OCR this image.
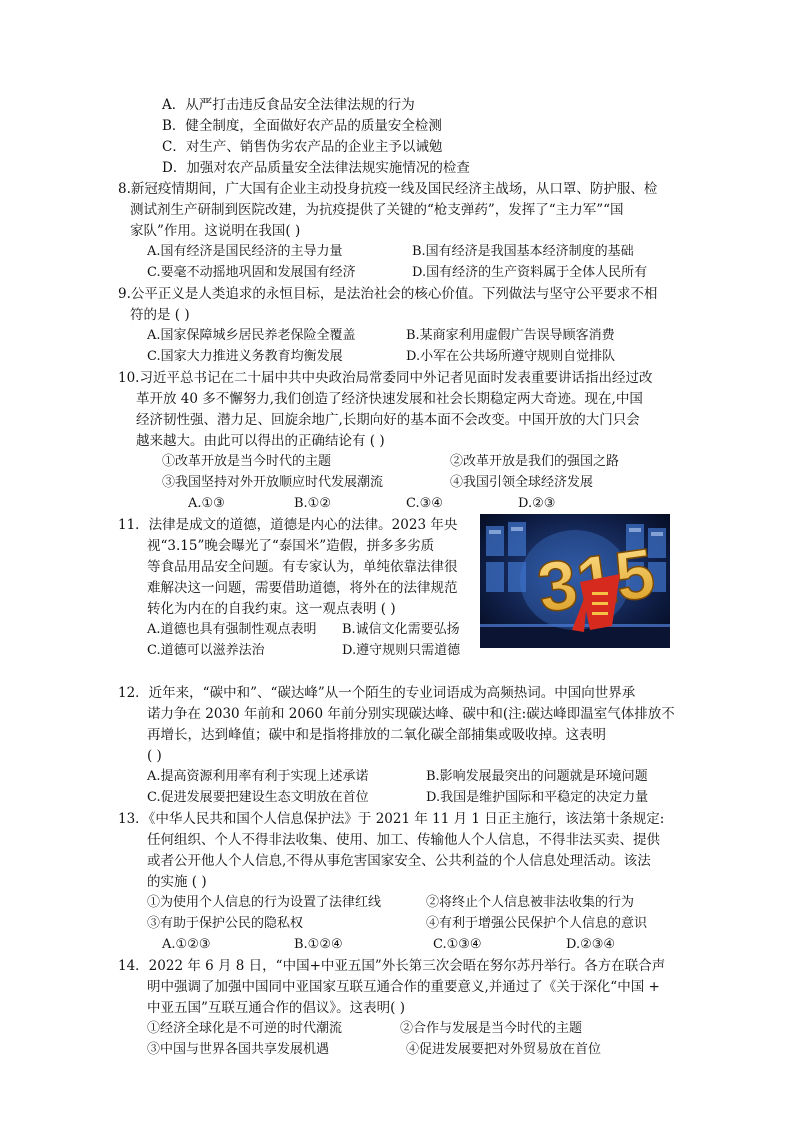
A．从严打击违反食品安全法律法规的行为
B．健全制度，全面做好农产品的质量安全检测
C．对生产、销售伪劣农产品的企业主予以诫勉
D．加强对农产品质量安全法律法规实施情况的检查
8.新冠疫情期间，广大国有企业主动投身抗疫一线及国民经济主战场，从口罩、防护服、检
测试剂生产研制到医院改建，为抗疫提供了关键的“枪支弹药”，发挥了“主力军”“国
家队”作用。这说明在我国( )
A.国有经济是国民经济的主导力量	B.国有经济是我国基本经济制度的基础
C.要毫不动摇地巩固和发展国有经济	D.国有经济的生产资料属于全体人民所有
9.公平正义是人类追求的永恒目标，是法治社会的核心价值。下列做法与坚守公平要求不相
符的是 ( )
A.国家保障城乡居民养老保险全覆盖	B.某商家利用虚假广告误导顾客消费
C.国家大力推进义务教育均衡发展	D.小军在公共场所遵守规则自觉排队
10.习近平总书记在二十届中共中央政治局常委同中外记者见面时发表重要讲话指出经过改
革开放 40 多不懈努力,我们创造了经济快速发展和社会长期稳定两大奇迹。现在,中国
经济韧性强、潜力足、回旋余地广,长期向好的基本面不会改变。中国开放的大门只会
越来越大。由此可以得出的正确结论有 ( )
①改革开放是当今时代的主题	②改革开放是我们的强国之路
③我国坚持对外开放顺应时代发展潮流	④我国引领全球经济发展
A.①③	B.①②	C.③④	D.②③
11．法律是成文的道德，道德是内心的法律。2023 年央
视“3.15”晚会曝光了“泰国米”造假，拼多多劣质
等食品用品安全问题。有专家认为，单纯依靠法律很
难解决这一问题，需要借助道德，将外在的法律规范
转化为内在的自我约束。这一观点表明 ( )
A.道德也具有强制性观点表明 B.诚信文化需要弘扬
C.道德可以滋养法治	D.遵守规则只需道德
12．近年来，“碳中和”、“碳达峰”从一个陌生的专业词语成为高频热词。中国向世界承
诺力争在 2030 年前和 2060 年前分别实现碳达峰、碳中和(注:碳达峰即温室气体排放不
再增长，达到峰值；碳中和是指将排放的二氧化碳全部捕集或吸收掉。这表明
( )
A.提高资源利用率有利于实现上述承诺	B.影响发展最突出的问题就是环境问题
C.促进发展要把建设生态文明放在首位	D.我国是维护国际和平稳定的决定力量
13．《中华人民共和国个人信息保护法》于 2021 年 11 月 1 日正主施行，该法第十条规定:
任何组织、个人不得非法收集、使用、加工、传输他人个人信息，不得非法买卖、提供
或者公开他人个人信息,不得从事危害国家安全、公共利益的个人信息处理活动。该法
的实施 ( )
①为使用个人信息的行为设置了法律红线	②将终止个人信息被非法收集的行为
③有助于保护公民的隐私权	④有利于增强公民保护个人信息的意识
A.①②③	B.①②④	C.①③④	D.②③④
14．2022 年 6 月 8 日，“中国+中亚五国”外长第三次会晤在努尔苏丹举行。各方在联合声
明中强调了加强中国同中亚国家互联互通合作的重要意义,并通过了《关于深化“中国 +
中亚五国”互联互通合作的倡议》。这表明( )
①经济全球化是不可逆的时代潮流	②合作与发展是当今时代的主题
③中国与世界各国共享发展机遇	④促进发展要把对外贸易放在首位
